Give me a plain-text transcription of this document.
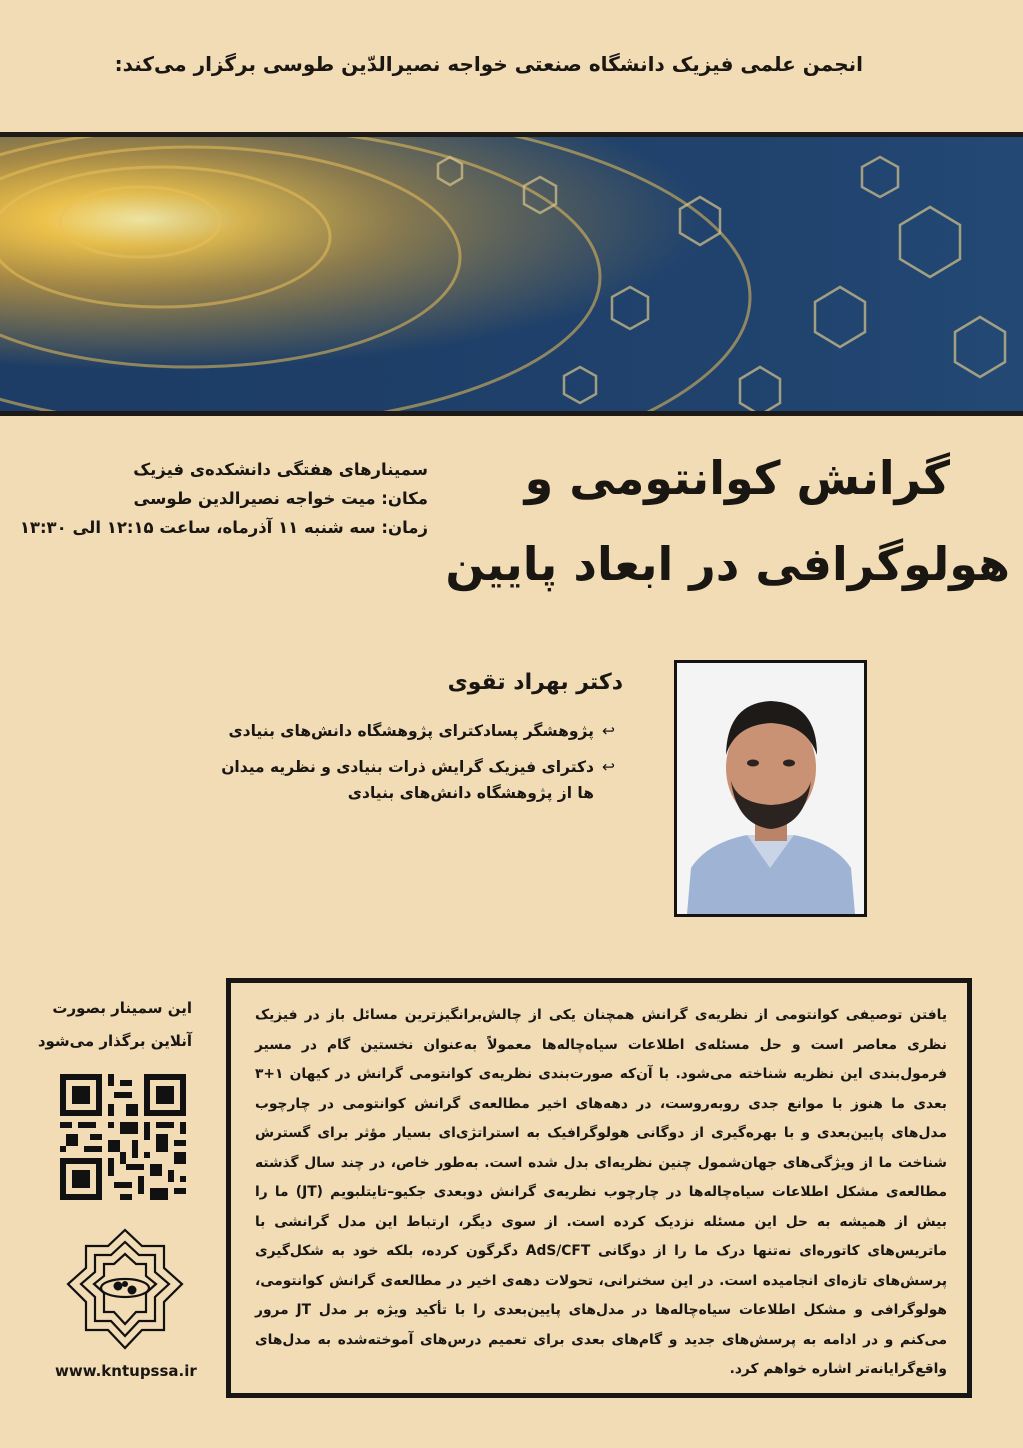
انجمن علمی فیزیک دانشگاه صنعتی خواجه نصیرالدّین طوسی برگزار می‌کند:
سمینارهای هفتگی دانشکده‌ی فیزیک
مکان: میت خواجه نصیرالدین طوسی
زمان: سه شنبه ۱۱ آذرماه، ساعت ۱۲:۱۵ الی ۱۳:۳۰
گرانش کوانتومی و
هولوگرافی در ابعاد پایین
دکتر بهراد تقوی
↩
پژوهشگر پسادکترای پژوهشگاه دانش‌های بنیادی
↩
دکترای فیزیک گرایش ذرات بنیادی و نظریه میدان ها از پژوهشگاه دانش‌های بنیادی
یافتن توصیفی کوانتومی از نظریه‌ی گرانش همچنان یکی از چالش‌برانگیزترین مسائل باز در فیزیک نظری معاصر است و حل مسئله‌ی اطلاعات سیاه‌چاله‌ها معمولاً به‌عنوان نخستین گام در مسیر فرمول‌بندی این نظریه شناخته می‌شود. با آن‌که صورت‌بندی نظریه‌ی کوانتومی گرانش در کیهان ۱+۳ بعدی ما هنوز با موانع جدی روبه‌روست، در دهه‌های اخیر مطالعه‌ی گرانش کوانتومی در چارچوب مدل‌های پایین‌بعدی و با بهره‌گیری از دوگانی هولوگرافیک به استراتژی‌ای بسیار مؤثر برای گسترش شناخت ما از ویژگی‌های جهان‌شمول چنین نظریه‌ای بدل شده است. به‌طور خاص، در چند سال گذشته مطالعه‌ی مشکل اطلاعات سیاه‌چاله‌ها در چارچوب نظریه‌ی گرانش دوبعدی جکیو–تایتلبویم (JT) ما را بیش از همیشه به حل این مسئله نزدیک کرده است. از سوی دیگر، ارتباط این مدل گرانشی با ماتریس‌های کاتوره‌ای نه‌تنها درک ما را از دوگانی AdS/CFT دگرگون کرده، بلکه خود به شکل‌گیری پرسش‌های تازه‌ای انجامیده است. در این سخنرانی، تحولات دهه‌ی اخیر در مطالعه‌ی گرانش کوانتومی، هولوگرافی و مشکل اطلاعات سیاه‌چاله‌ها در مدل‌های پایین‌بعدی را با تأکید ویژه بر مدل JT مرور می‌کنم و در ادامه به پرسش‌های جدید و گام‌های بعدی برای تعمیم درس‌های آموخته‌شده به مدل‌های واقع‌گرایانه‌تر اشاره خواهم کرد.
این سمینار بصورت
آنلاین برگذار می‌شود
www.kntupssa.ir
